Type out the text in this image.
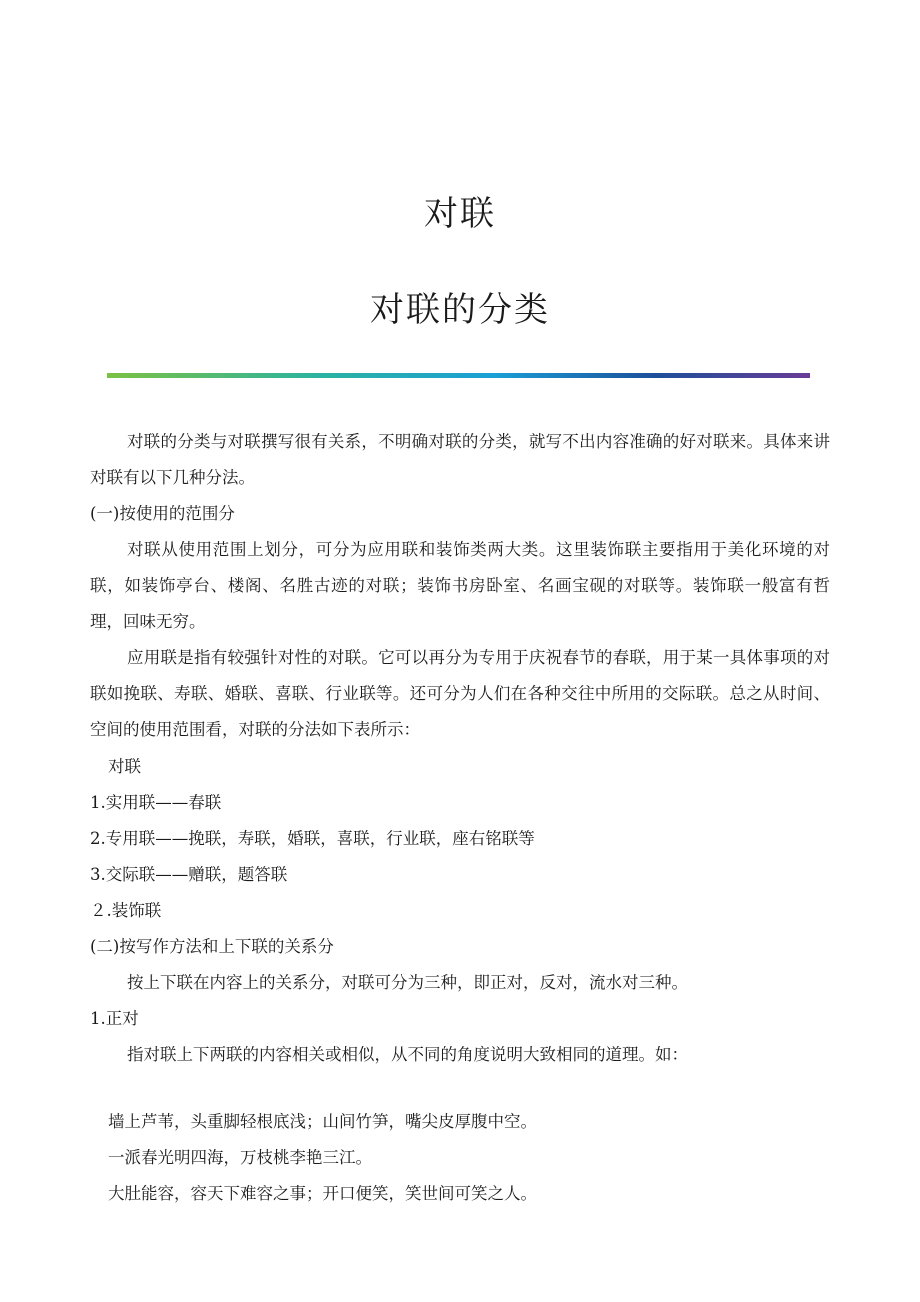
对联
对联的分类
对联的分类与对联撰写很有关系，不明确对联的分类，就写不出内容准确的好对联来。具体来讲对联有以下几种分法。
(一)按使用的范围分
对联从使用范围上划分，可分为应用联和装饰类两大类。这里装饰联主要指用于美化环境的对联，如装饰亭台、楼阁、名胜古迹的对联；装饰书房卧室、名画宝砚的对联等。装饰联一般富有哲理，回味无穷。
应用联是指有较强针对性的对联。它可以再分为专用于庆祝春节的春联，用于某一具体事项的对联如挽联、寿联、婚联、喜联、行业联等。还可分为人们在各种交往中所用的交际联。总之从时间、空间的使用范围看，对联的分法如下表所示：
对联
1.实用联——春联
2.专用联——挽联，寿联，婚联，喜联，行业联，座右铭联等
3.交际联——赠联，题答联
２.装饰联
(二)按写作方法和上下联的关系分
按上下联在内容上的关系分，对联可分为三种，即正对，反对，流水对三种。
1.正对
指对联上下两联的内容相关或相似，从不同的角度说明大致相同的道理。如：
墙上芦苇，头重脚轻根底浅；山间竹笋，嘴尖皮厚腹中空。
一派春光明四海，万枝桃李艳三江。
大肚能容，容天下难容之事；开口便笑，笑世间可笑之人。
